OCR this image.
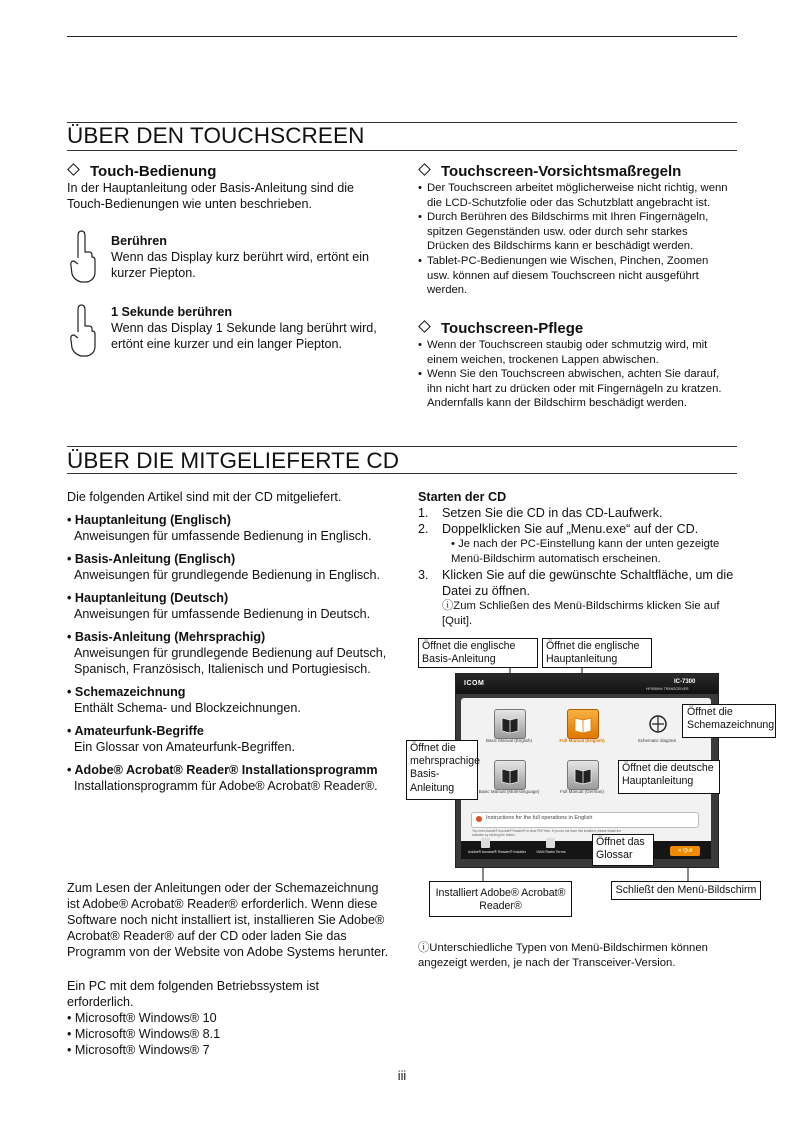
ÜBER DEN TOUCHSCREEN
Touch-Bedienung
In der Hauptanleitung oder Basis-Anleitung sind die Touch-Bedienungen wie unten beschrieben.
Berühren
Wenn das Display kurz berührt wird, ertönt ein kurzer Piepton.
1 Sekunde berühren
Wenn das Display 1 Sekunde lang berührt wird, ertönt eine kurzer und ein langer Piepton.
Touchscreen-Vorsichtsmaßregeln
• Der Touchscreen arbeitet möglicherweise nicht richtig, wenn die LCD-Schutzfolie oder das Schutzblatt angebracht ist.
• Durch Berühren des Bildschirms mit Ihren Fingernägeln, spitzen Gegenständen usw. oder durch sehr starkes Drücken des Bildschirms kann er beschädigt werden.
• Tablet-PC-Bedienungen wie Wischen, Pinchen, Zoomen usw. können auf diesem Touchscreen nicht ausgeführt werden.
Touchscreen-Pflege
• Wenn der Touchscreen staubig oder schmutzig wird, mit einem weichen, trockenen Lappen abwischen.
• Wenn Sie den Touchscreen abwischen, achten Sie darauf, ihn nicht hart zu drücken oder mit Fingernägeln zu kratzen. Andernfalls kann der Bildschirm beschädigt werden.
ÜBER DIE MITGELIEFERTE CD
Die folgenden Artikel sind mit der CD mitgeliefert.
• Hauptanleitung (Englisch)
Anweisungen für umfassende Bedienung in Englisch.
• Basis-Anleitung (Englisch)
Anweisungen für grundlegende Bedienung in Englisch.
• Hauptanleitung (Deutsch)
Anweisungen für umfassende Bedienung in Deutsch.
• Basis-Anleitung (Mehrsprachig)
Anweisungen für grundlegende Bedienung auf Deutsch, Spanisch, Französisch, Italienisch und Portugiesisch.
• Schemazeichnung
Enthält Schema- und Blockzeichnungen.
• Amateurfunk-Begriffe
Ein Glossar von Amateurfunk-Begriffen.
• Adobe® Acrobat® Reader® Installationsprogramm
Installationsprogramm für Adobe® Acrobat® Reader®.
Zum Lesen der Anleitungen oder der Schemazeichnung ist Adobe® Acrobat® Reader® erforderlich. Wenn diese Software noch nicht installiert ist, installieren Sie Adobe® Acrobat® Reader® auf der CD oder laden Sie das Programm von der Website von Adobe Systems herunter.
Ein PC mit dem folgenden Betriebssystem ist erforderlich.
• Microsoft® Windows® 10
• Microsoft® Windows® 8.1
• Microsoft® Windows® 7
Starten der CD
1. Setzen Sie die CD in das CD-Laufwerk.
2. Doppelklicken Sie auf „Menu.exe“ auf der CD.
• Je nach der PC-Einstellung kann der unten gezeigte Menü-Bildschirm automatisch erscheinen.
3. Klicken Sie auf die gewünschte Schaltfläche, um die Datei zu öffnen.
ⓘZum Schließen des Menü-Bildschirms klicken Sie auf [Quit].
ICOM	IC-7300
HF/50MHz TRANSCEIVER
Basic Manual (English)	Full Manual (English)	Schematic diagram
Basic Manual (Multi-language)	Full Manual (German)
Instructions for the full operations in English
You need Adobe® Acrobat® Reader® to view PDF files. If you do not have this installed, please install the software by clicking the button.
Adobe® Acrobat® Reader® Installer	HAM Radio Terms	✕ Quit
Öffnet die englische Basis-Anleitung
Öffnet die englische Hauptanleitung
Öffnet die Schemazeichnung
Öffnet die mehrsprachige Basis-Anleitung
Öffnet die deutsche Hauptanleitung
Öffnet das Glossar
Installiert Adobe® Acrobat® Reader®
Schließt den Menü-Bildschirm
ⓘUnterschiedliche Typen von Menü-Bildschirmen können angezeigt werden, je nach der Transceiver-Version.
iii
